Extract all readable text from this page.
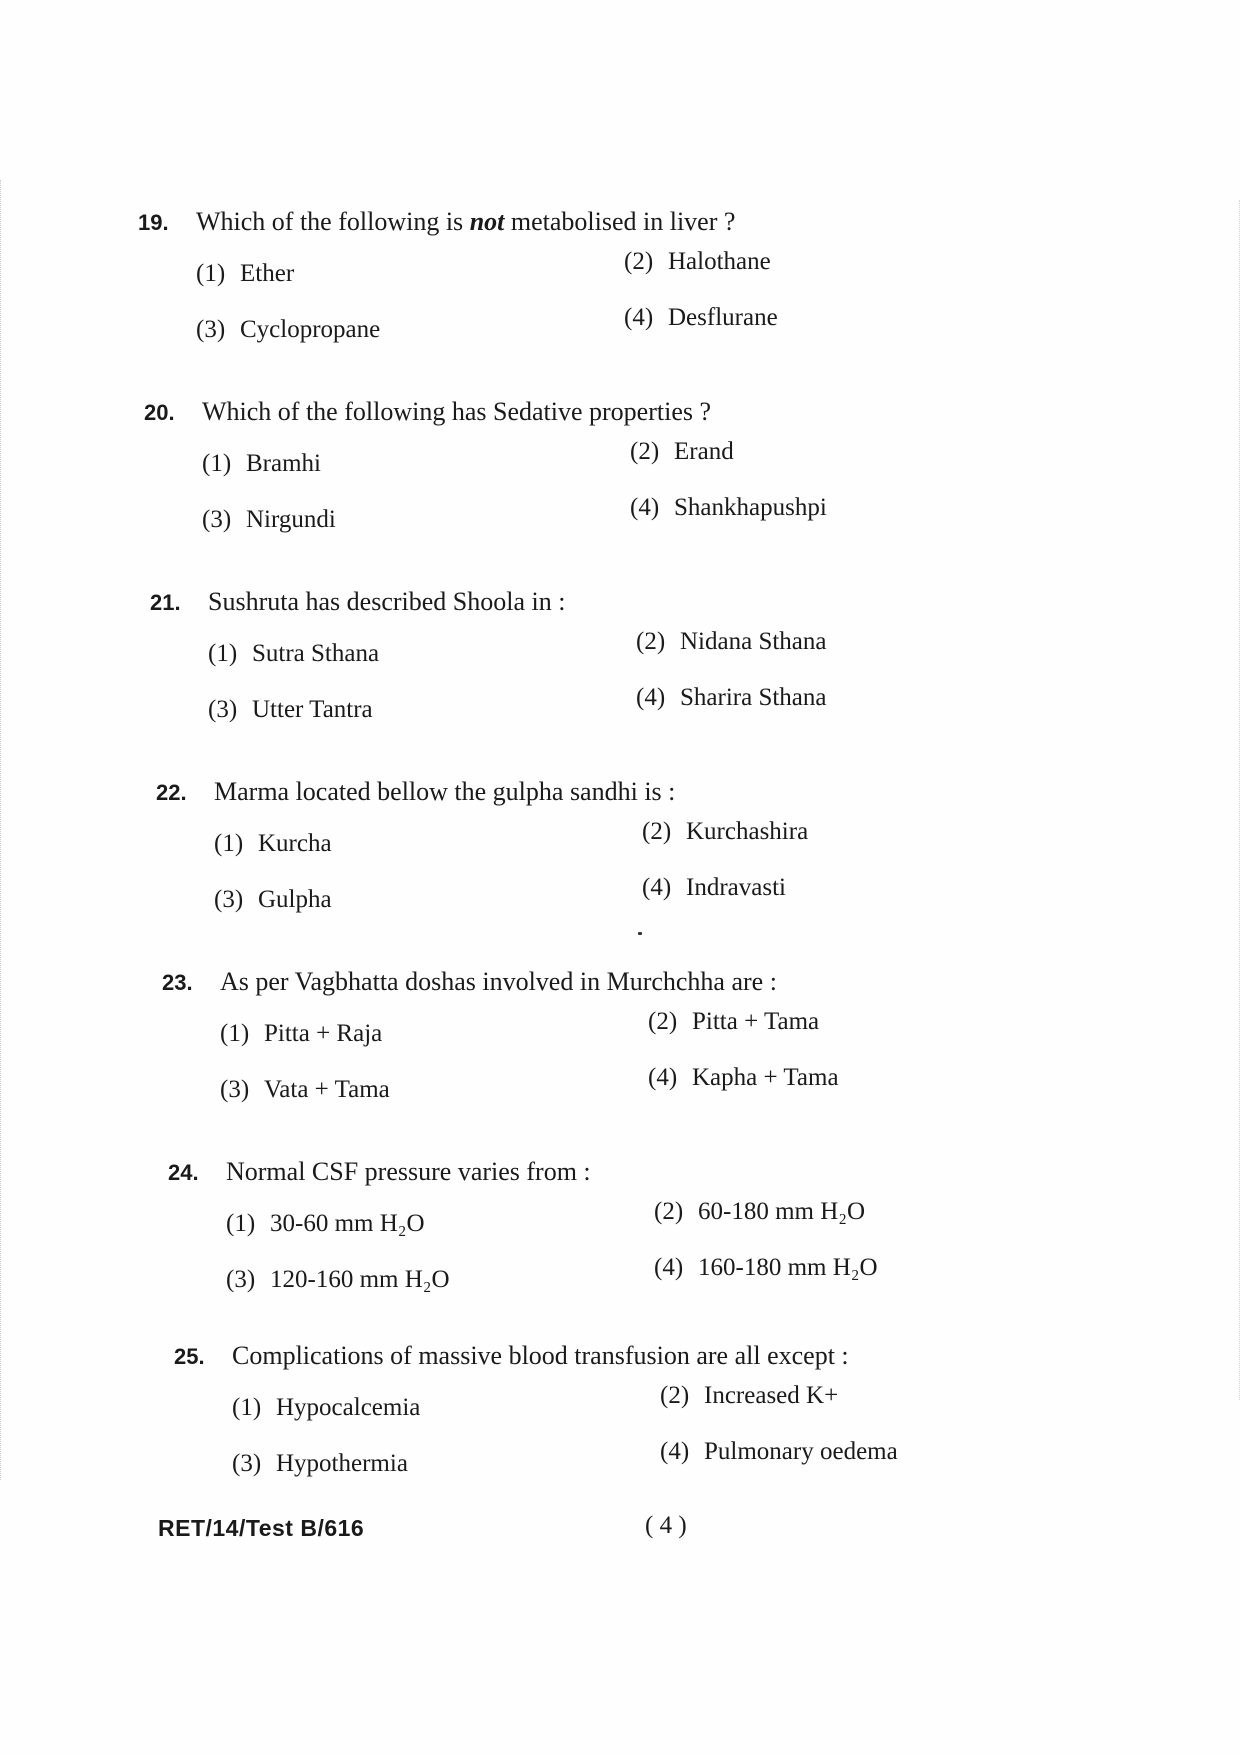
19.	Which of the following is not metabolised in liver ?
(1) Ether	(2) Halothane
(3) Cyclopropane	(4) Desflurane
20.	Which of the following has Sedative properties ?
(1) Bramhi	(2) Erand
(3) Nirgundi	(4) Shankhapushpi
21.	Sushruta has described Shoola in :
(1) Sutra Sthana	(2) Nidana Sthana
(3) Utter Tantra	(4) Sharira Sthana
22.	Marma located bellow the gulpha sandhi is :
(1) Kurcha	(2) Kurchashira
(3) Gulpha	(4) Indravasti
23.	As per Vagbhatta doshas involved in Murchchha are :
(1) Pitta + Raja	(2) Pitta + Tama
(3) Vata + Tama	(4) Kapha + Tama
24.	Normal CSF pressure varies from :
(1) 30-60 mm H₂O	(2) 60-180 mm H₂O
(3) 120-160 mm H₂O	(4) 160-180 mm H₂O
25.	Complications of massive blood transfusion are all except :
(1) Hypocalcemia	(2) Increased K+
(3) Hypothermia	(4) Pulmonary oedema
RET/14/Test B/616	( 4 )
